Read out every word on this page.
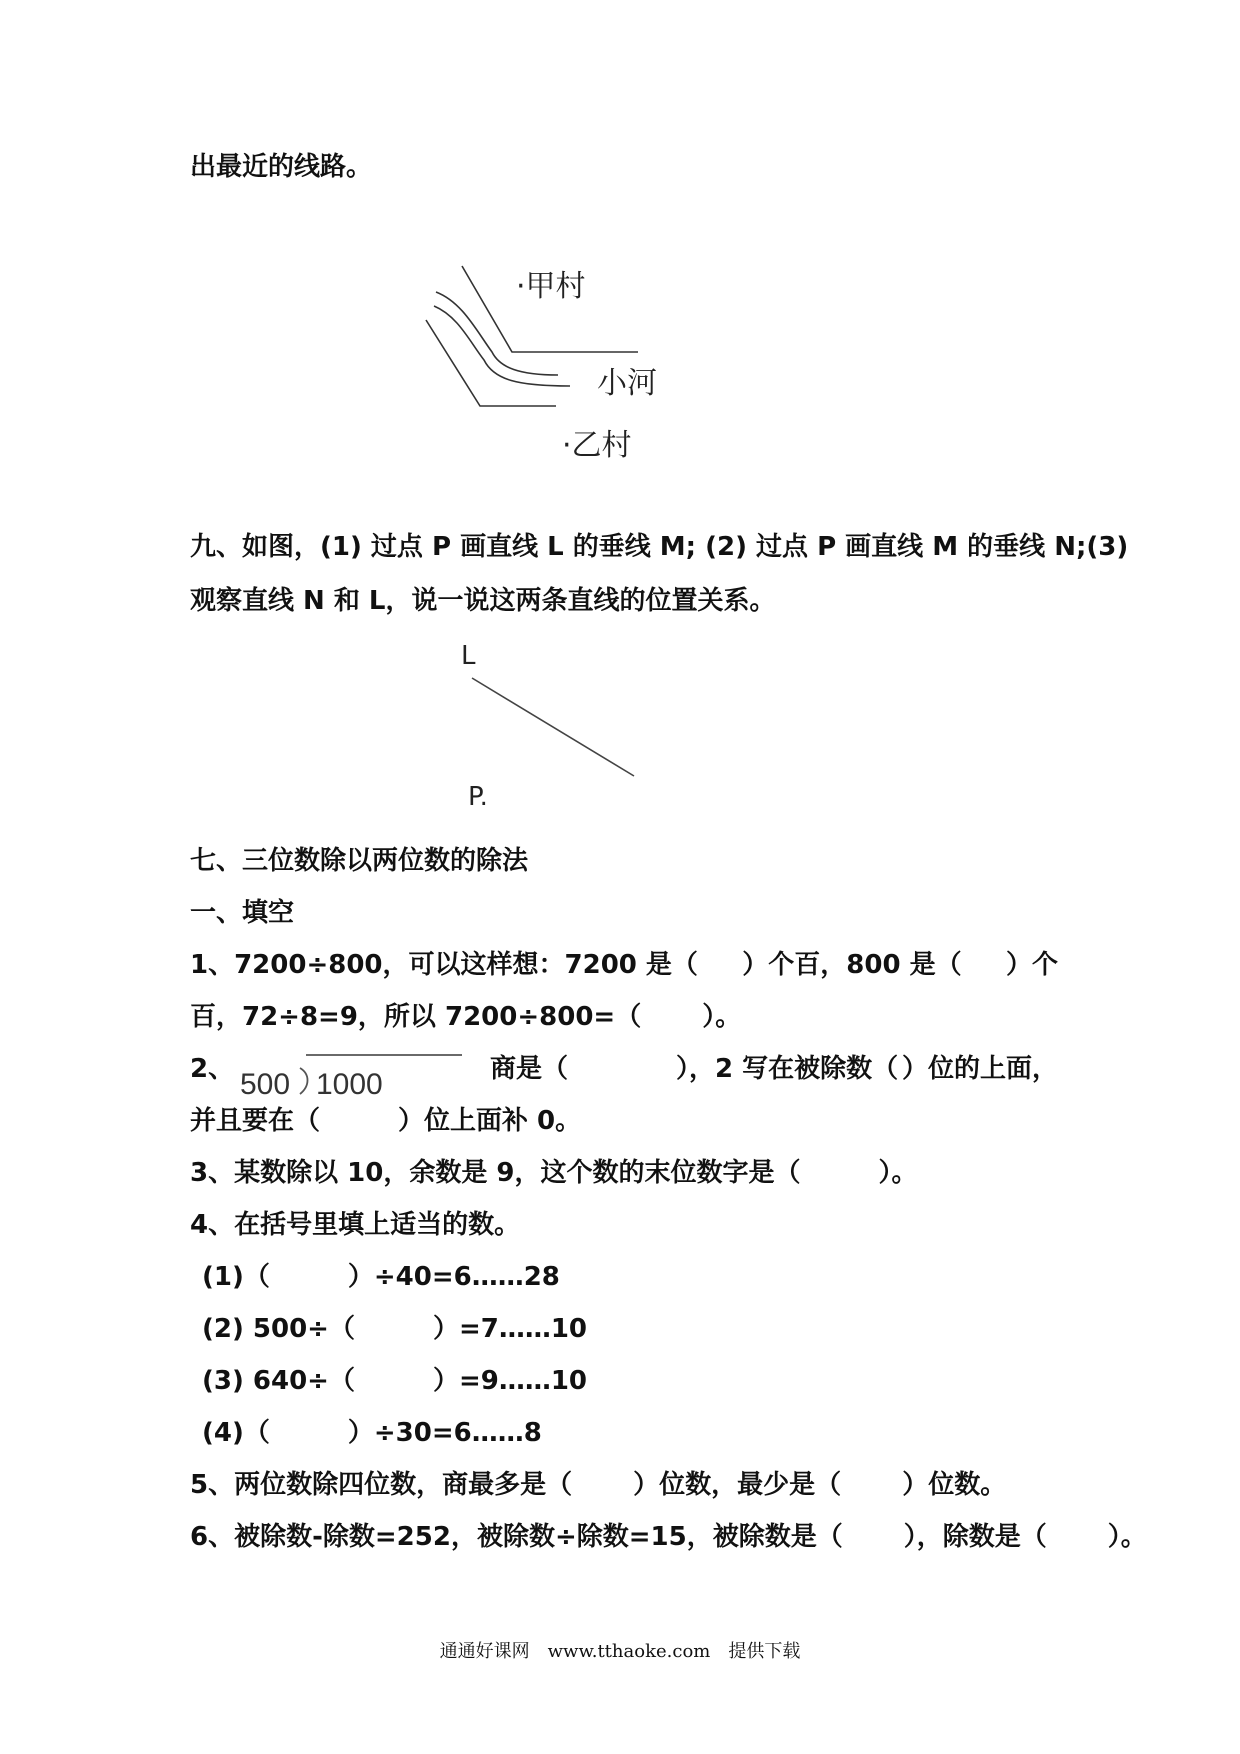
出最近的线路。

·甲村
小河
·乙村

九、如图，(1) 过点 P 画直线 L 的垂线 M; (2) 过点 P 画直线 M 的垂线 N;(3)

观察直线 N 和 L，说一说这两条直线的位置关系。

L
P.

七、三位数除以两位数的除法

一、填空

1、7200÷800，可以这样想：7200 是（ ）个百，800 是（ ）个

百，72÷8=9，所以 7200÷800=（　　 ）。

2、	商是（	），2 写在被除数（ ）位的上面，
500 1000

并且要在（　　　）位上面补 0。

3、某数除以 10，余数是 9，这个数的末位数字是（　　　）。

4、在括号里填上适当的数。

(1)（　　　）÷40=6……28

(2) 500÷（　　　）=7……10

(3) 640÷（　　　）=9……10

(4)（　　　）÷30=6……8

5、两位数除四位数，商最多是（　　 ）位数，最少是（　　 ）位数。

6、被除数-除数=252，被除数÷除数=15，被除数是（　　 ），除数是（　　 ）。

通通好课网　www.tthaoke.com　提供下载
